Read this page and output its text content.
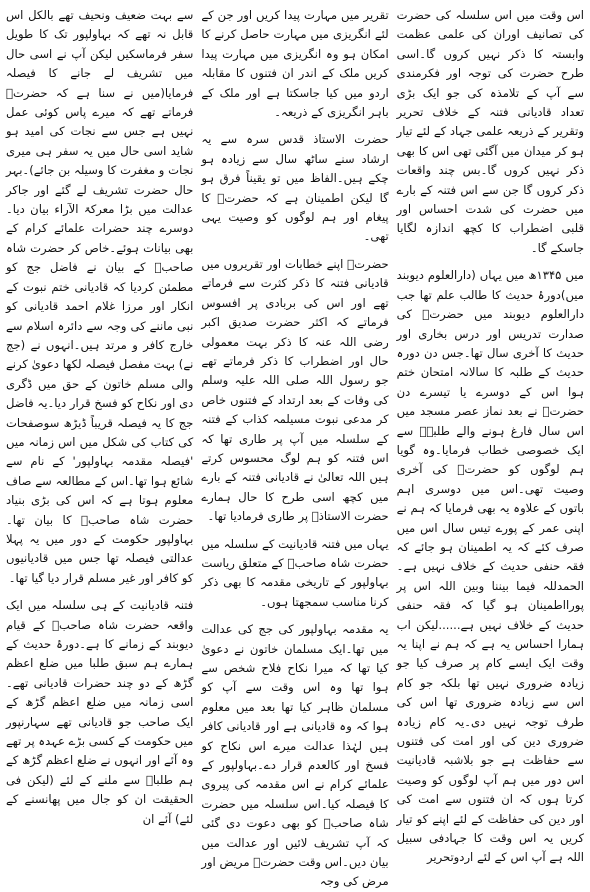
اس وقت میں اس سلسلہ کی حضرت کی تصانیف اوران کی علمی عظمت وابستہ کا ذکر نہیں کروں گا۔اسی طرح حضرت کی توجہ اور فکرمندی سے آپ کے تلامذہ کی جو ایک بڑی تعداد قادیانی فتنہ کے خلاف تحریر وتقریر کے ذریعہ علمی جہاد کے لئے تیار ہو کر میدان میں آگئی تھی اس کا بھی ذکر نہیں کروں گا۔بس چند واقعات ذکر کروں گا جن سے اس فتنہ کے بارے میں حضرت کی شدت احساس اور قلبی اضطراب کا کچھ اندازہ لگایا جاسکے گا۔

میں ۱۳۴۵ھ میں یہاں (دارالعلوم دیوبند میں)دورۂ حدیث کا طالب علم تھا جب دارالعلوم دیوبند میں حضرتؒ کی صدارت تدریس اور درس بخاری اور حدیث کا آخری سال تھا۔جس دن دورہ حدیث کے طلبہ کا سالانہ امتحان ختم ہوا اس کے دوسرے یا تیسرے دن حضرتؒ نے بعد نماز عصر مسجد میں اس سال فارغ ہونے والے طلبہؒ سے ایک خصوصی خطاب فرمایا۔وہ گویا ہم لوگوں کو حضرتؒ کی آخری وصیت تھی۔اس میں دوسری اہم باتوں کے علاوہ یہ بھی فرمایا کہ ہم نے اپنی عمر کے پورے تیس سال اس میں صرف کئے کہ یہ اطمینان ہو جائے کہ فقہ حنفی حدیث کے خلاف نہیں ہے۔الحمدللہ فیما بیننا وبین اللہ اس پر پورااطمینان ہو گیا کہ فقہ حنفی حدیث کے خلاف نہیں ہے......لیکن اب ہمارا احساس یہ ہے کہ ہم نے اپنا یہ وقت ایک ایسے کام پر صرف کیا جو زیادہ ضروری نہیں تھا بلکہ جو کام اس سے زیادہ ضروری تھا اس کی طرف توجہ نہیں دی۔یہ کام زیادہ ضروری دین کی اور امت کی فتنوں سے حفاظت ہے جو بلاشبہ قادیانیت اس دور میں ہم آپ لوگوں کو وصیت کرتا ہوں کہ ان فتنوں سے امت کی اور دین کی حفاظت کے لئے اپنے کو تیار کریں یہ اس وقت کا جہادفی سبیل اللہ ہے آپ اس کے لئے اردوتحریر

تقریر میں مہارت پیدا کریں اور جن کے لئے انگریزی میں مہارت حاصل کرنے کا امکان ہو وہ انگریزی میں مہارت پیدا کریں ملک کے اندر ان فتنوں کا مقابلہ اردو میں کیا جاسکتا ہے اور ملک کے باہر انگریزی کے ذریعہ۔

حضرت الاستاذ قدس سرہ سے یہ ارشاد سنے ساٹھ سال سے زیادہ ہو چکے ہیں۔الفاظ میں تو یقیناً فرق ہو گا لیکن اطمینان ہے کہ حضرتؒ کا پیغام اور ہم لوگوں کو وصیت یہی تھی۔

حضرتؒ اپنے خطابات اور تقریروں میں قادیانی فتنہ کا ذکر کثرت سے فرماتے تھے اور اس کی بربادی پر افسوس فرماتے کہ اکثر حضرت صدیق اکبر رضی اللہ عنہ کا ذکر بہت معمولی حال اور اضطراب کا ذکر فرماتے تھے جو رسول اللہ صلی اللہ علیہ وسلم کی وفات کے بعد ارتداد کے فتنوں خاص کر مدعی نبوت مسیلمہ کذاب کے فتنہ کے سلسلہ میں آپ پر طاری تھا کہ اس فتنہ کو ہم لوگ محسوس کرتے ہیں اللہ تعالیٰ نے قادیانی فتنہ کے بارے میں کچھ اسی طرح کا حال ہمارے حضرت الاستاذؒ پر طاری فرمادیا تھا۔

یہاں میں فتنہ قادیانیت کے سلسلہ میں حضرت شاہ صاحبؒ کے متعلق ریاست بہاولپور کے تاریخی مقدمہ کا بھی ذکر کرنا مناسب سمجھتا ہوں۔

یہ مقدمہ بہاولپور کی جج کی عدالت میں تھا۔ایک مسلمان خاتون نے دعویٰ کیا تھا کہ میرا نکاح فلاح شخص سے ہوا تھا وہ اس وقت سے آپ کو مسلمان ظاہر کیا تھا بعد میں معلوم ہوا کہ وہ قادیانی ہے اور قادیانی کافر ہیں لہٰذا عدالت میرے اس نکاح کو فسخ اور کالعدم قرار دے۔بہاولپور کے علمائے کرام نے اس مقدمہ کی پیروی کا فیصلہ کیا۔اس سلسلہ میں حضرت شاہ صاحبؒ کو بھی دعوت دی گئی کہ آپ تشریف لائیں اور عدالت میں بیان دیں۔اس وقت حضرتؒ مریض اور مرض کی وجہ

سے بہت ضعیف ونحیف تھے بالکل اس قابل نہ تھے کہ بہاولپور تک کا طویل سفر فرماسکیں لیکن آپ نے اسی حال میں تشریف لے جانے کا فیصلہ فرمایا(میں نے سنا ہے کہ حضرتؒ فرماتے تھے کہ میرے پاس کوئی عمل نہیں ہے جس سے نجات کی امید ہو شاید اسی حال میں یہ سفر ہی میری نجات و مغفرت کا وسیلہ بن جائے)۔بہر حال حضرت تشریف لے گئے اور جاکر عدالت میں بڑا معرکۃ الآراء بیان دیا۔دوسرے چند حضرات علمائے کرام کے بھی بیانات ہوئے۔خاص کر حضرت شاہ صاحبؒ کے بیان نے فاضل جج کو مطمئن کردیا کہ قادیانی ختم نبوت کے انکار اور مرزا غلام احمد قادیانی کو نبی ماننے کی وجہ سے دائرہ اسلام سے خارج کافر و مرتد ہیں۔انہوں نے (جج نے) بہت مفصل فیصلہ لکھا دعویٰ کرنے والی مسلم خاتون کے حق میں ڈگری دی اور نکاح کو فسخ قرار دیا۔یہ فاضل جج کا یہ فیصلہ قریباً ڈیڑھ سوصفحات کی کتاب کی شکل میں اس زمانہ میں 'فیصلہ مقدمہ بہاولپور' کے نام سے شائع ہوا تھا۔اس کے مطالعہ سے صاف معلوم ہوتا ہے کہ اس کی بڑی بنیاد حضرت شاہ صاحبؒ کا بیان تھا۔بہاولپور حکومت کے دور میں یہ پہلا عدالتی فیصلہ تھا جس میں قادیانیوں کو کافر اور غیر مسلم قرار دیا گیا تھا۔

فتنہ قادیانیت کے ہی سلسلہ میں ایک واقعہ حضرت شاہ صاحبؒ کے قیام دیوبند کے زمانے کا ہے۔دورۂ حدیث کے ہمارے ہم سبق طلبا میں ضلع اعظم گڑھ کے دو چند حضرات قادیانی تھے۔اسی زمانہ میں ضلع اعظم گڑھ کے ایک صاحب جو قادیانی تھے سہارنپور میں حکومت کے کسی بڑے عہدہ پر تھے وہ آئے اور انہوں نے ضلع اعظم گڑھ کے ہم طلباؒ سے ملنے کے لئے (لیکن فی الحقیقت ان کو جال میں پھانسنے کے لئے) آئے ان
